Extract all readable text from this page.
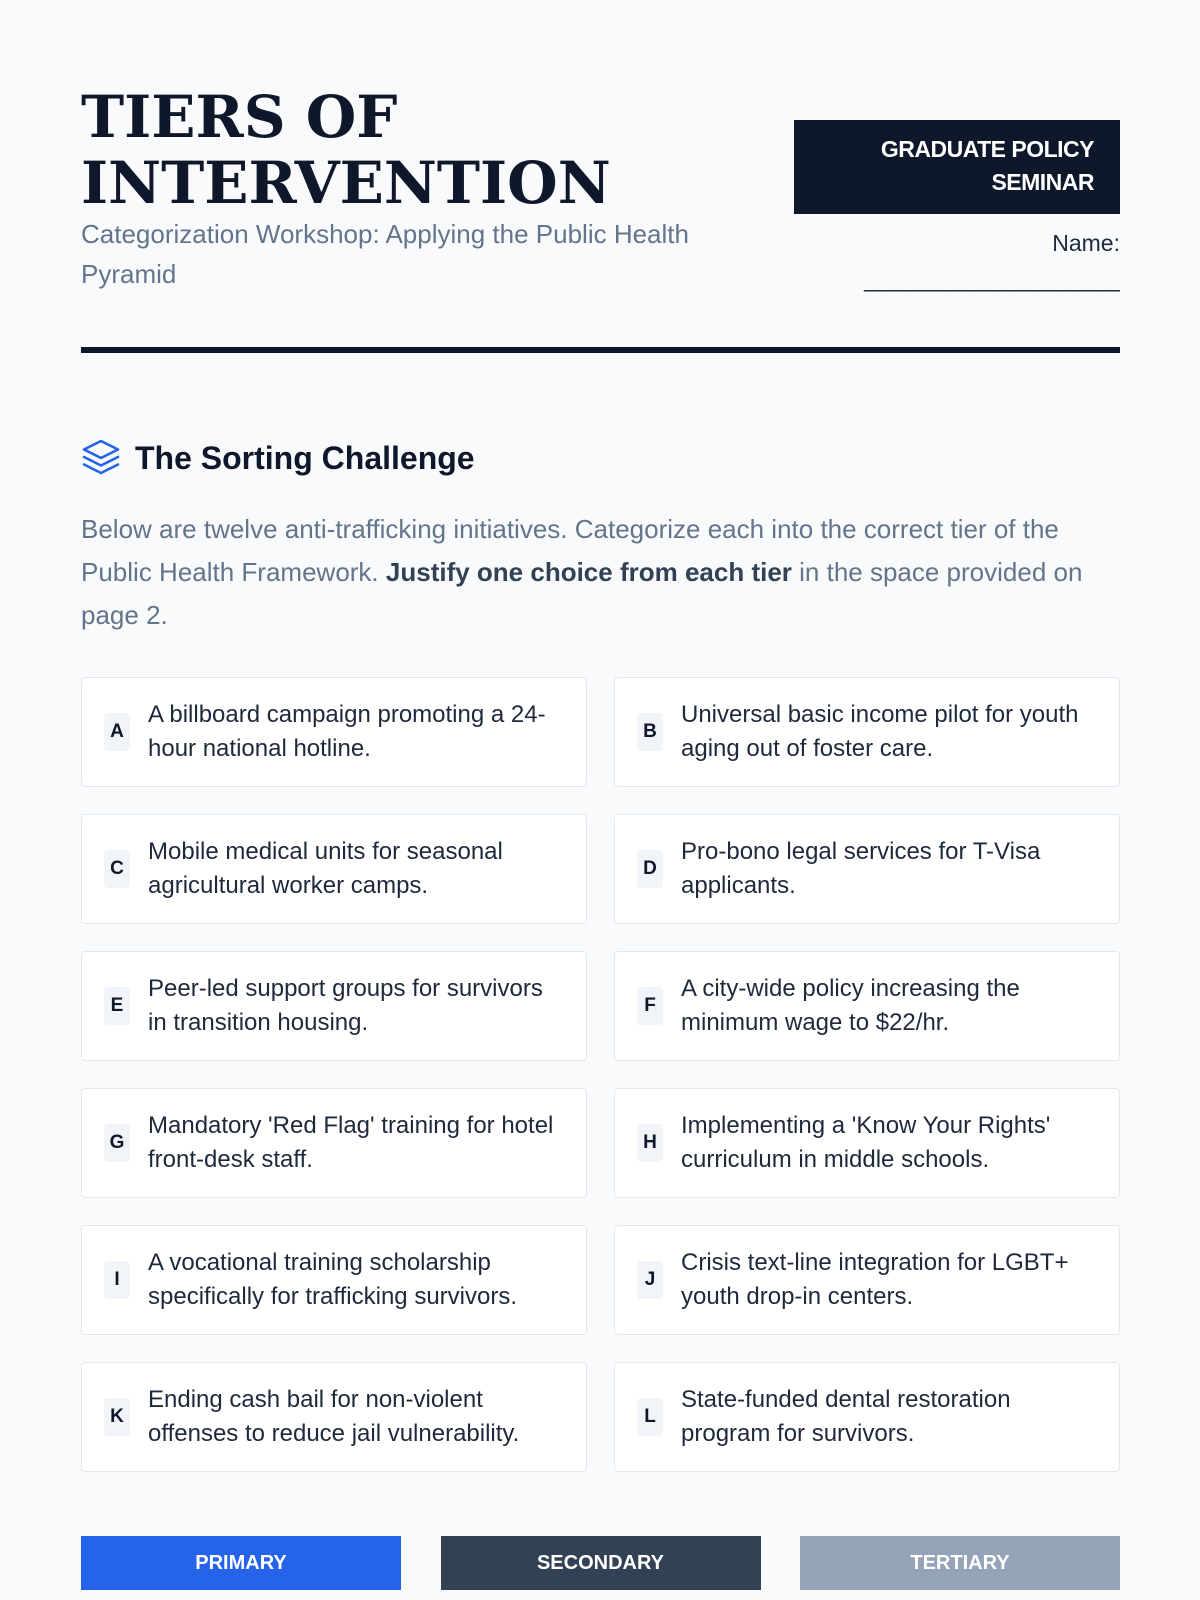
TIERS OF
INTERVENTION
Categorization Workshop: Applying the Public Health Pyramid
GRADUATE POLICY
SEMINAR
Name:
____________________
The Sorting Challenge

Below are twelve anti-trafficking initiatives. Categorize each into the correct tier of the Public Health Framework. Justify one choice from each tier in the space provided on page 2.

A
A billboard campaign promoting a 24-hour national hotline.
B
Universal basic income pilot for youth aging out of foster care.
C
Mobile medical units for seasonal agricultural worker camps.
D
Pro-bono legal services for T-Visa applicants.
E
Peer-led support groups for survivors in transition housing.
F
A city-wide policy increasing the minimum wage to $22/hr.
G
Mandatory 'Red Flag' training for hotel front-desk staff.
H
Implementing a 'Know Your Rights' curriculum in middle schools.
I
A vocational training scholarship specifically for trafficking survivors.
J
Crisis text-line integration for LGBT+ youth drop-in centers.
K
Ending cash bail for non-violent offenses to reduce jail vulnerability.
L
State-funded dental restoration program for survivors.
PRIMARY	SECONDARY	TERTIARY
